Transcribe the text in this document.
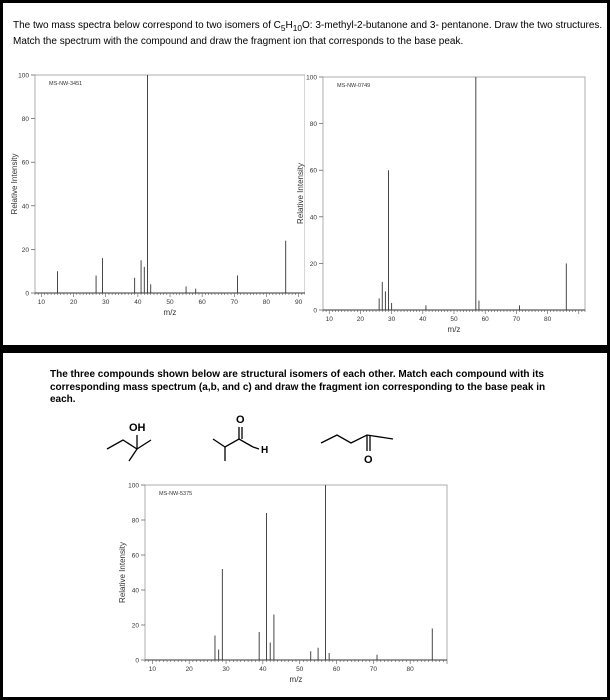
The two mass spectra below correspond to two isomers of $C_5H_{10}O$: 3-methyl-2-butanone and 3- pentanone. Draw the two structures. Match the spectrum with the compound and draw the fragment ion that corresponds to the base peak.
10	20	30	40	50	60	70	80	90
0
20
40
60
80
100
m/z
Relative Intensity
MS-NW-3451
10	20	30	40	50	60	70	80
0
20
40
60
80
100
m/z
Relative Intensity
MS-NW-0749
The three compounds shown below are structural isomers of each other. Match each compound with its corresponding mass spectrum (a,b, and c) and draw the fragment ion corresponding to the base peak in each.
OH
O
H
O
10	20	30	40	50	60	70	80
0
20
40
60
80
100
m/z
Relative Intensity
MS-NW-5375
